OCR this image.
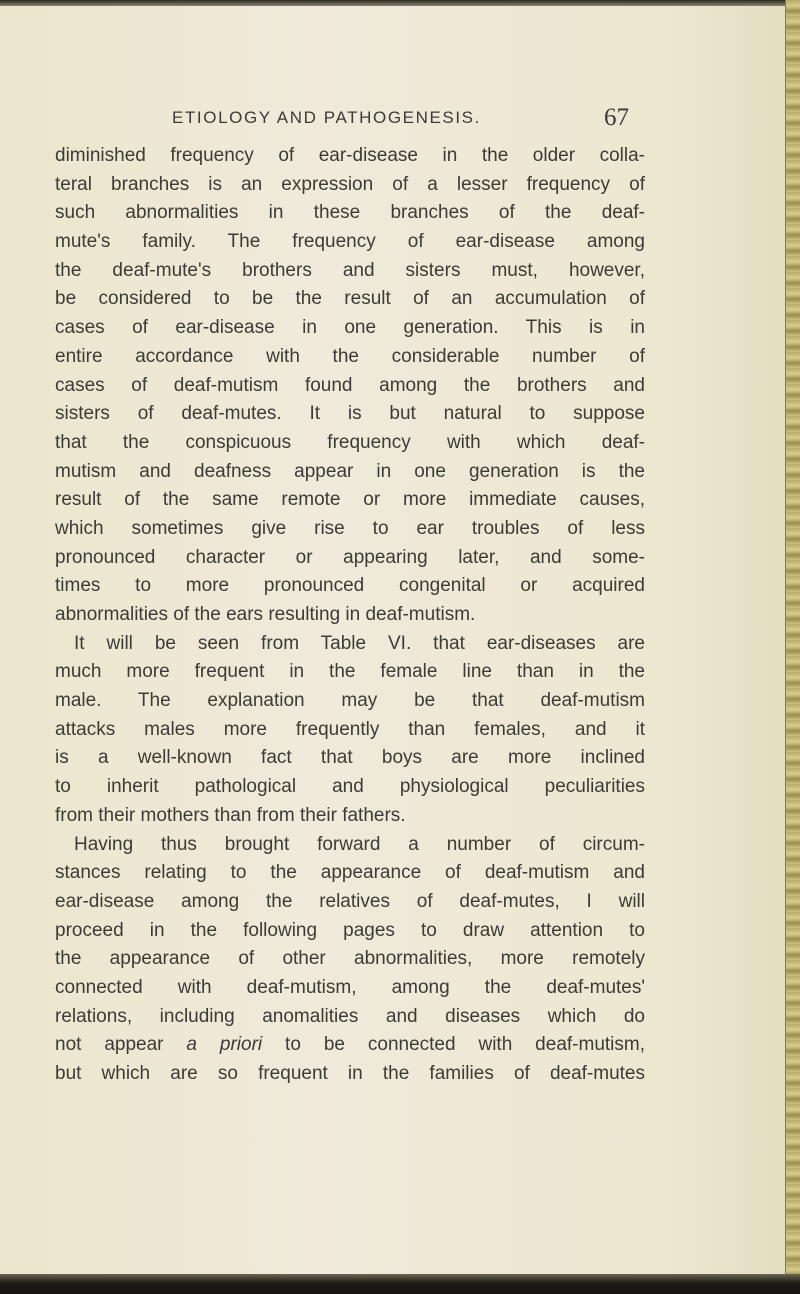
ETIOLOGY AND PATHOGENESIS.	67
diminished frequency of ear-disease in the older colla-
teral branches is an expression of a lesser frequency of
such abnormalities in these branches of the deaf-
mute's family. The frequency of ear-disease among
the deaf-mute's brothers and sisters must, however,
be considered to be the result of an accumulation of
cases of ear-disease in one generation. This is in
entire accordance with the considerable number of
cases of deaf-mutism found among the brothers and
sisters of deaf-mutes. It is but natural to suppose
that the conspicuous frequency with which deaf-
mutism and deafness appear in one generation is the
result of the same remote or more immediate causes,
which sometimes give rise to ear troubles of less
pronounced character or appearing later, and some-
times to more pronounced congenital or acquired
abnormalities of the ears resulting in deaf-mutism.
It will be seen from Table VI. that ear-diseases are
much more frequent in the female line than in the
male. The explanation may be that deaf-mutism
attacks males more frequently than females, and it
is a well-known fact that boys are more inclined
to inherit pathological and physiological peculiarities
from their mothers than from their fathers.
Having thus brought forward a number of circum-
stances relating to the appearance of deaf-mutism and
ear-disease among the relatives of deaf-mutes, I will
proceed in the following pages to draw attention to
the appearance of other abnormalities, more remotely
connected with deaf-mutism, among the deaf-mutes'
relations, including anomalities and diseases which do
not appear a priori to be connected with deaf-mutism,
but which are so frequent in the families of deaf-mutes
